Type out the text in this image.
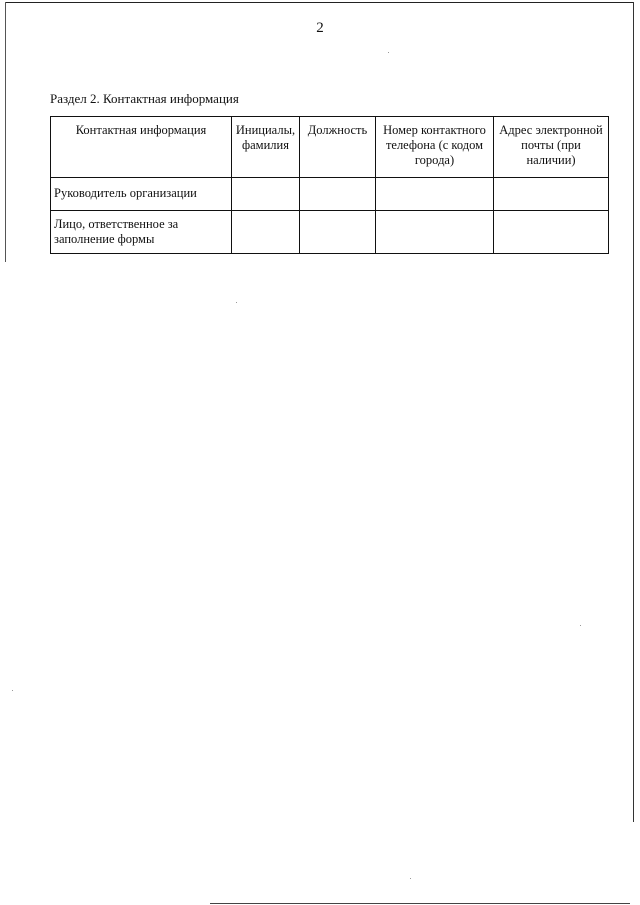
2
Раздел 2. Контактная информация
Контактная информация	Инициалы, фамилия	Должность	Номер контактного телефона (с кодом города)	Адрес электронной почты (при наличии)
Руководитель организации				
Лицо, ответственное за заполнение формы				
